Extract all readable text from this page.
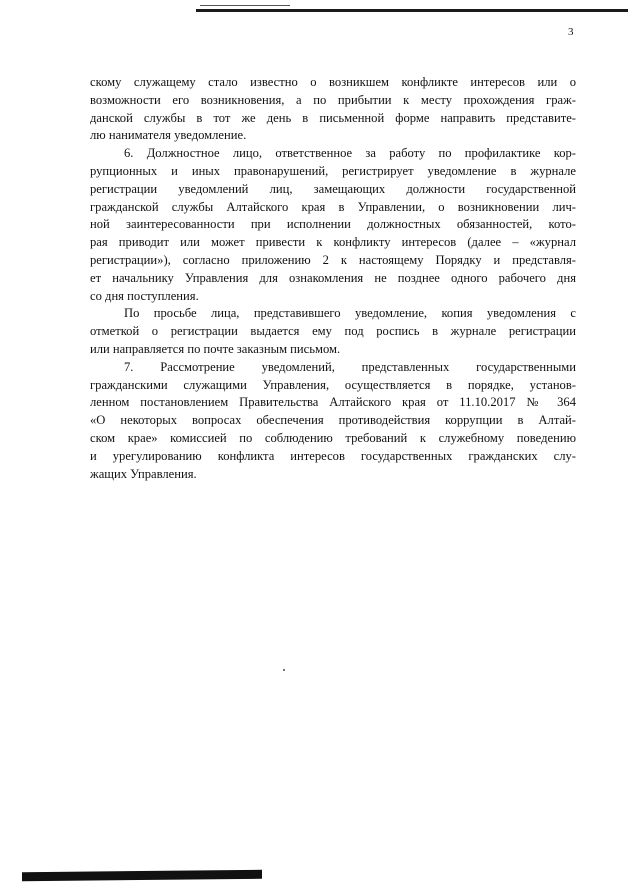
3
скому служащему стало известно о возникшем конфликте интересов или о
возможности его возникновения, а по прибытии к месту прохождения граж-
данской службы в тот же день в письменной форме направить представите-
лю нанимателя уведомление.
6. Должностное лицо, ответственное за работу по профилактике кор-
рупционных и иных правонарушений, регистрирует уведомление в журнале
регистрации уведомлений лиц, замещающих должности государственной
гражданской службы Алтайского края в Управлении, о возникновении лич-
ной заинтересованности при исполнении должностных обязанностей, кото-
рая приводит или может привести к конфликту интересов (далее – «журнал
регистрации»), согласно приложению 2 к настоящему Порядку и представля-
ет начальнику Управления для ознакомления не позднее одного рабочего дня
со дня поступления.
По просьбе лица, представившего уведомление, копия уведомления с
отметкой о регистрации выдается ему под роспись в журнале регистрации
или направляется по почте заказным письмом.
7. Рассмотрение уведомлений, представленных государственными
гражданскими служащими Управления, осуществляется в порядке, установ-
ленном постановлением Правительства Алтайского края от 11.10.2017 № 364
«О некоторых вопросах обеспечения противодействия коррупции в Алтай-
ском крае» комиссией по соблюдению требований к служебному поведению
и урегулированию конфликта интересов государственных гражданских слу-
жащих Управления.
